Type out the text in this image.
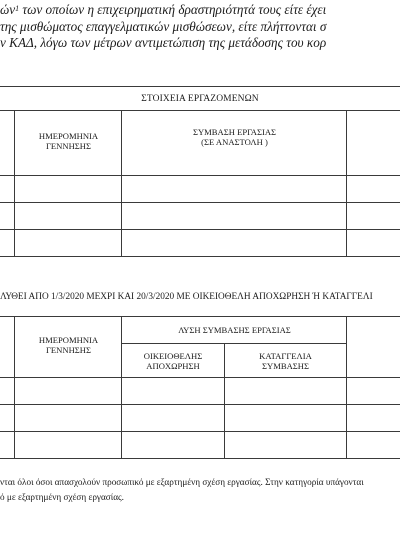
$ώ\nu^1$ των οποίων η επιχειρηματική δραστηριότητά τους είτε έχει
της μισθώματος επαγγελματικών μισθώσεων, είτε πλήττονται σ
ν ΚΑΔ, λόγω των μέτρων αντιμετώπιση της μετάδοσης του κορ
ΣΤΟΙΧΕΙΑ ΕΡΓΑΖΟΜΕΝΩΝ
ΗΜΕΡΟΜΗΝΙΑ
ΓΕΝΝΗΣΗΣ
ΣΥΜΒΑΣΗ ΕΡΓΑΣΙΑΣ
(ΣΕ ΑΝΑΣΤΟΛΗ )
ΛΥΘΕΙ ΑΠΟ 1/3/2020 ΜΕΧΡΙ ΚΑΙ 20/3/2020 ΜΕ ΟΙΚΕΙΟΘΕΛΗ ΑΠΟΧΩΡΗΣΗ Ή ΚΑΤΑΓΓΕΛΙ
ΗΜΕΡΟΜΗΝΙΑ
ΓΕΝΝΗΣΗΣ
ΛΥΣΗ ΣΥΜΒΑΣΗΣ ΕΡΓΑΣΙΑΣ
ΟΙΚΕΙΟΘΕΛΗΣ
ΑΠΟΧΩΡΗΣΗ
ΚΑΤΑΓΓΕΛΙΑ
ΣΥΜΒΑΣΗΣ
νται όλοι όσοι απασχολούν προσωπικό με εξαρτημένη σχέση εργασίας. Στην κατηγορία υπάγονται
ό με εξαρτημένη σχέση εργασίας.
